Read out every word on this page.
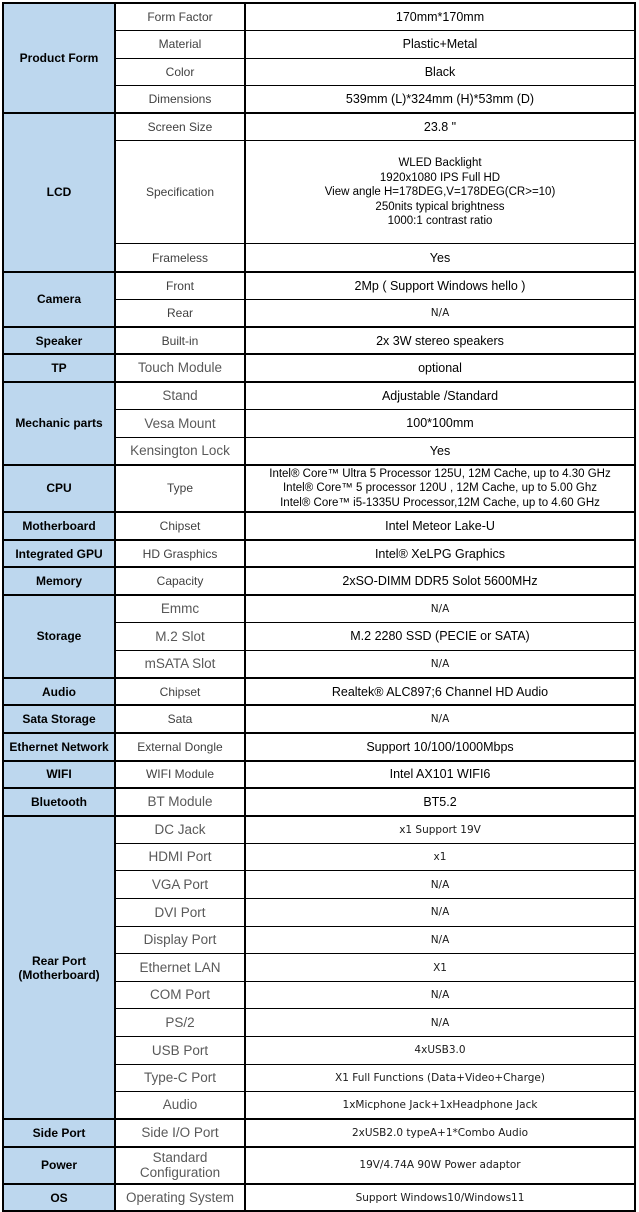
Product Form	Form Factor	170mm*170mm
	Material	Plastic+Metal
	Color	Black
	Dimensions	539mm (L)*324mm (H)*53mm (D)
LCD	Screen Size	23.8 "
	Specification	WLED Backlight
1920x1080 IPS Full HD
View angle H=178DEG,V=178DEG(CR>=10)
250nits typical brightness
1000:1 contrast ratio

	Frameless	Yes
Camera	Front	2Mp ( Support Windows hello )
	Rear	N/A
Speaker	Built-in	2x 3W stereo speakers
TP	Touch Module	optional
Mechanic parts	Stand	Adjustable /Standard
	Vesa Mount	100*100mm
	Kensington Lock	Yes
CPU	Type	Intel® Core™ Ultra 5 Processor 125U, 12M Cache, up to 4.30 GHz
Intel® Core™ 5 processor 120U , 12M Cache, up to 5.00 Ghz
Intel® Core™ i5-1335U Processor,12M Cache, up to 4.60 GHz

Motherboard	Chipset	Intel Meteor Lake-U
Integrated GPU	HD Grasphics	Intel® XeLPG Graphics
Memory	Capacity	2xSO-DIMM DDR5 Solot 5600MHz
Storage	Emmc	N/A
	M.2 Slot	M.2 2280 SSD (PECIE or SATA)
	mSATA Slot	N/A
Audio	Chipset	Realtek® ALC897;6 Channel HD Audio
Sata Storage	Sata	N/A
Ethernet Network	External Dongle	Support 10/100/1000Mbps
WIFI	WIFI Module	Intel AX101 WIFI6
Bluetooth	BT Module	BT5.2
Rear Port (Motherboard)	DC Jack	x1 Support 19V
	HDMI Port	x1
	VGA Port	N/A
	DVI Port	N/A
	Display Port	N/A
	Ethernet LAN	X1
	COM Port	N/A
	PS/2	N/A
	USB Port	4xUSB3.0
	Type-C Port	X1 Full Functions (Data+Video+Charge)
	Audio	1xMicphone Jack+1xHeadphone Jack
Side Port	Side I/O Port	2xUSB2.0 typeA+1*Combo Audio
Power	Standard Configuration	19V/4.74A 90W Power adaptor
OS	Operating System	Support Windows10/Windows11
